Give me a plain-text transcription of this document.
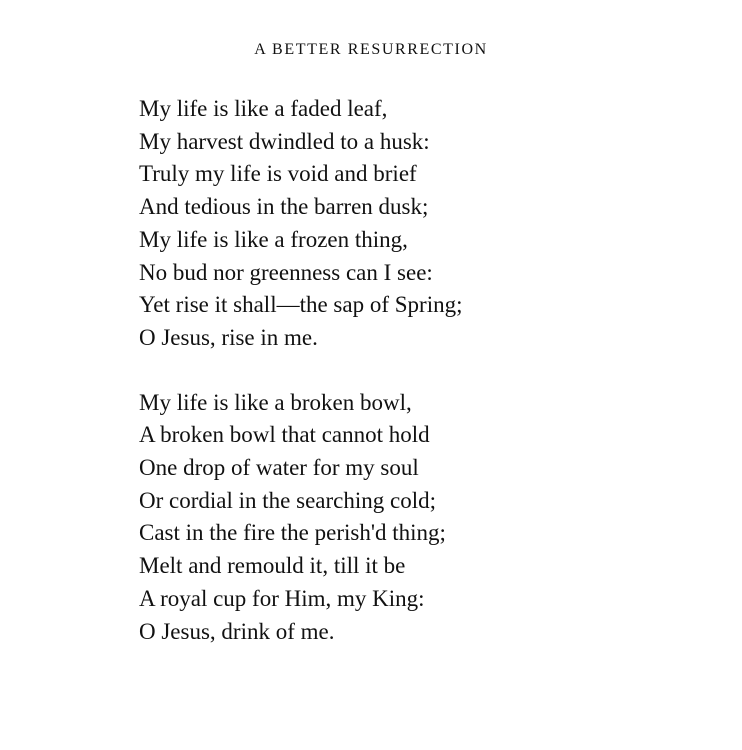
A BETTER RESURRECTION
My life is like a faded leaf,
My harvest dwindled to a husk:
Truly my life is void and brief
And tedious in the barren dusk;
My life is like a frozen thing,
No bud nor greenness can I see:
Yet rise it shall—the sap of Spring;
O Jesus, rise in me.
My life is like a broken bowl,
A broken bowl that cannot hold
One drop of water for my soul
Or cordial in the searching cold;
Cast in the fire the perish'd thing;
Melt and remould it, till it be
A royal cup for Him, my King:
O Jesus, drink of me.
